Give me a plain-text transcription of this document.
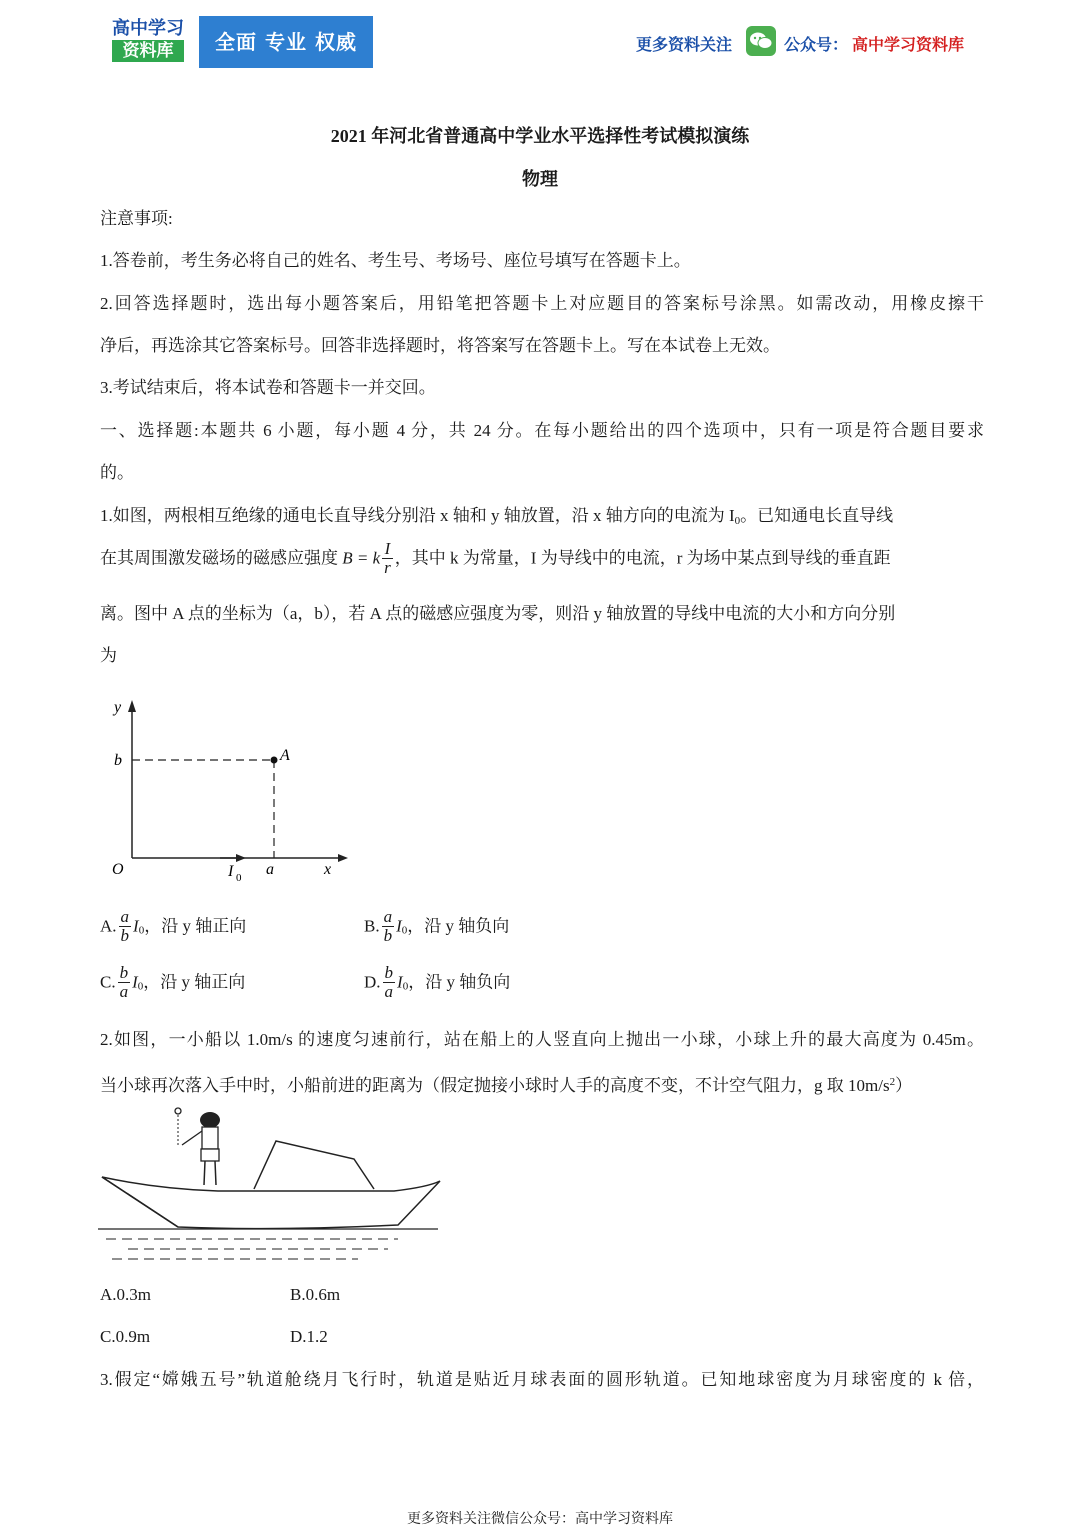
高中学习
资料库	全面 专业 权威	更多资料关注	公众号： 高中学习资料库
2021 年河北省普通高中学业水平选择性考试模拟演练
物理
注意事项:
1.答卷前，考生务必将自己的姓名、考生号、考场号、座位号填写在答题卡上。
2.回答选择题时，选出每小题答案后，用铅笔把答题卡上对应题目的答案标号涂黑。如需改动，用橡皮擦干
净后，再选涂其它答案标号。回答非选择题时，将答案写在答题卡上。写在本试卷上无效。
3.考试结束后，将本试卷和答题卡一并交回。
一、选择题:本题共 6 小题，每小题 4 分，共 24 分。在每小题给出的四个选项中，只有一项是符合题目要求
的。
1.如图，两根相互绝缘的通电长直导线分别沿 x 轴和 y 轴放置，沿 x 轴方向的电流为 $I_0$。已知通电长直导线
在其周围激发磁场的磁感应强度 B = k $\frac{I}{r}$ ，其中 k 为常量，I 为导线中的电流，r 为场中某点到导线的垂直距
离。图中 A 点的坐标为（a，b），若 A 点的磁感应强度为零，则沿 y 轴放置的导线中电流的大小和方向分别
为
y
b	A
O	I 0 a	x
A. $\frac{a}{b} I_0$，沿 y 轴正向	B. $\frac{a}{b} I_0$，沿 y 轴负向
C. $\frac{b}{a} I_0$，沿 y 轴正向	D. $\frac{b}{a} I_0$，沿 y 轴负向
2.如图，一小船以 1.0m/s 的速度匀速前行，站在船上的人竖直向上抛出一小球，小球上升的最大高度为 0.45m。
当小球再次落入手中时，小船前进的距离为（假定抛接小球时人手的高度不变，不计空气阻力，g 取 $10m/s^2$）
A.0.3m	B.0.6m
C.0.9m	D.1.2
3.假定“嫦娥五号”轨道舱绕月飞行时，轨道是贴近月球表面的圆形轨道。已知地球密度为月球密度的 k 倍，
更多资料关注微信公众号：高中学习资料库
